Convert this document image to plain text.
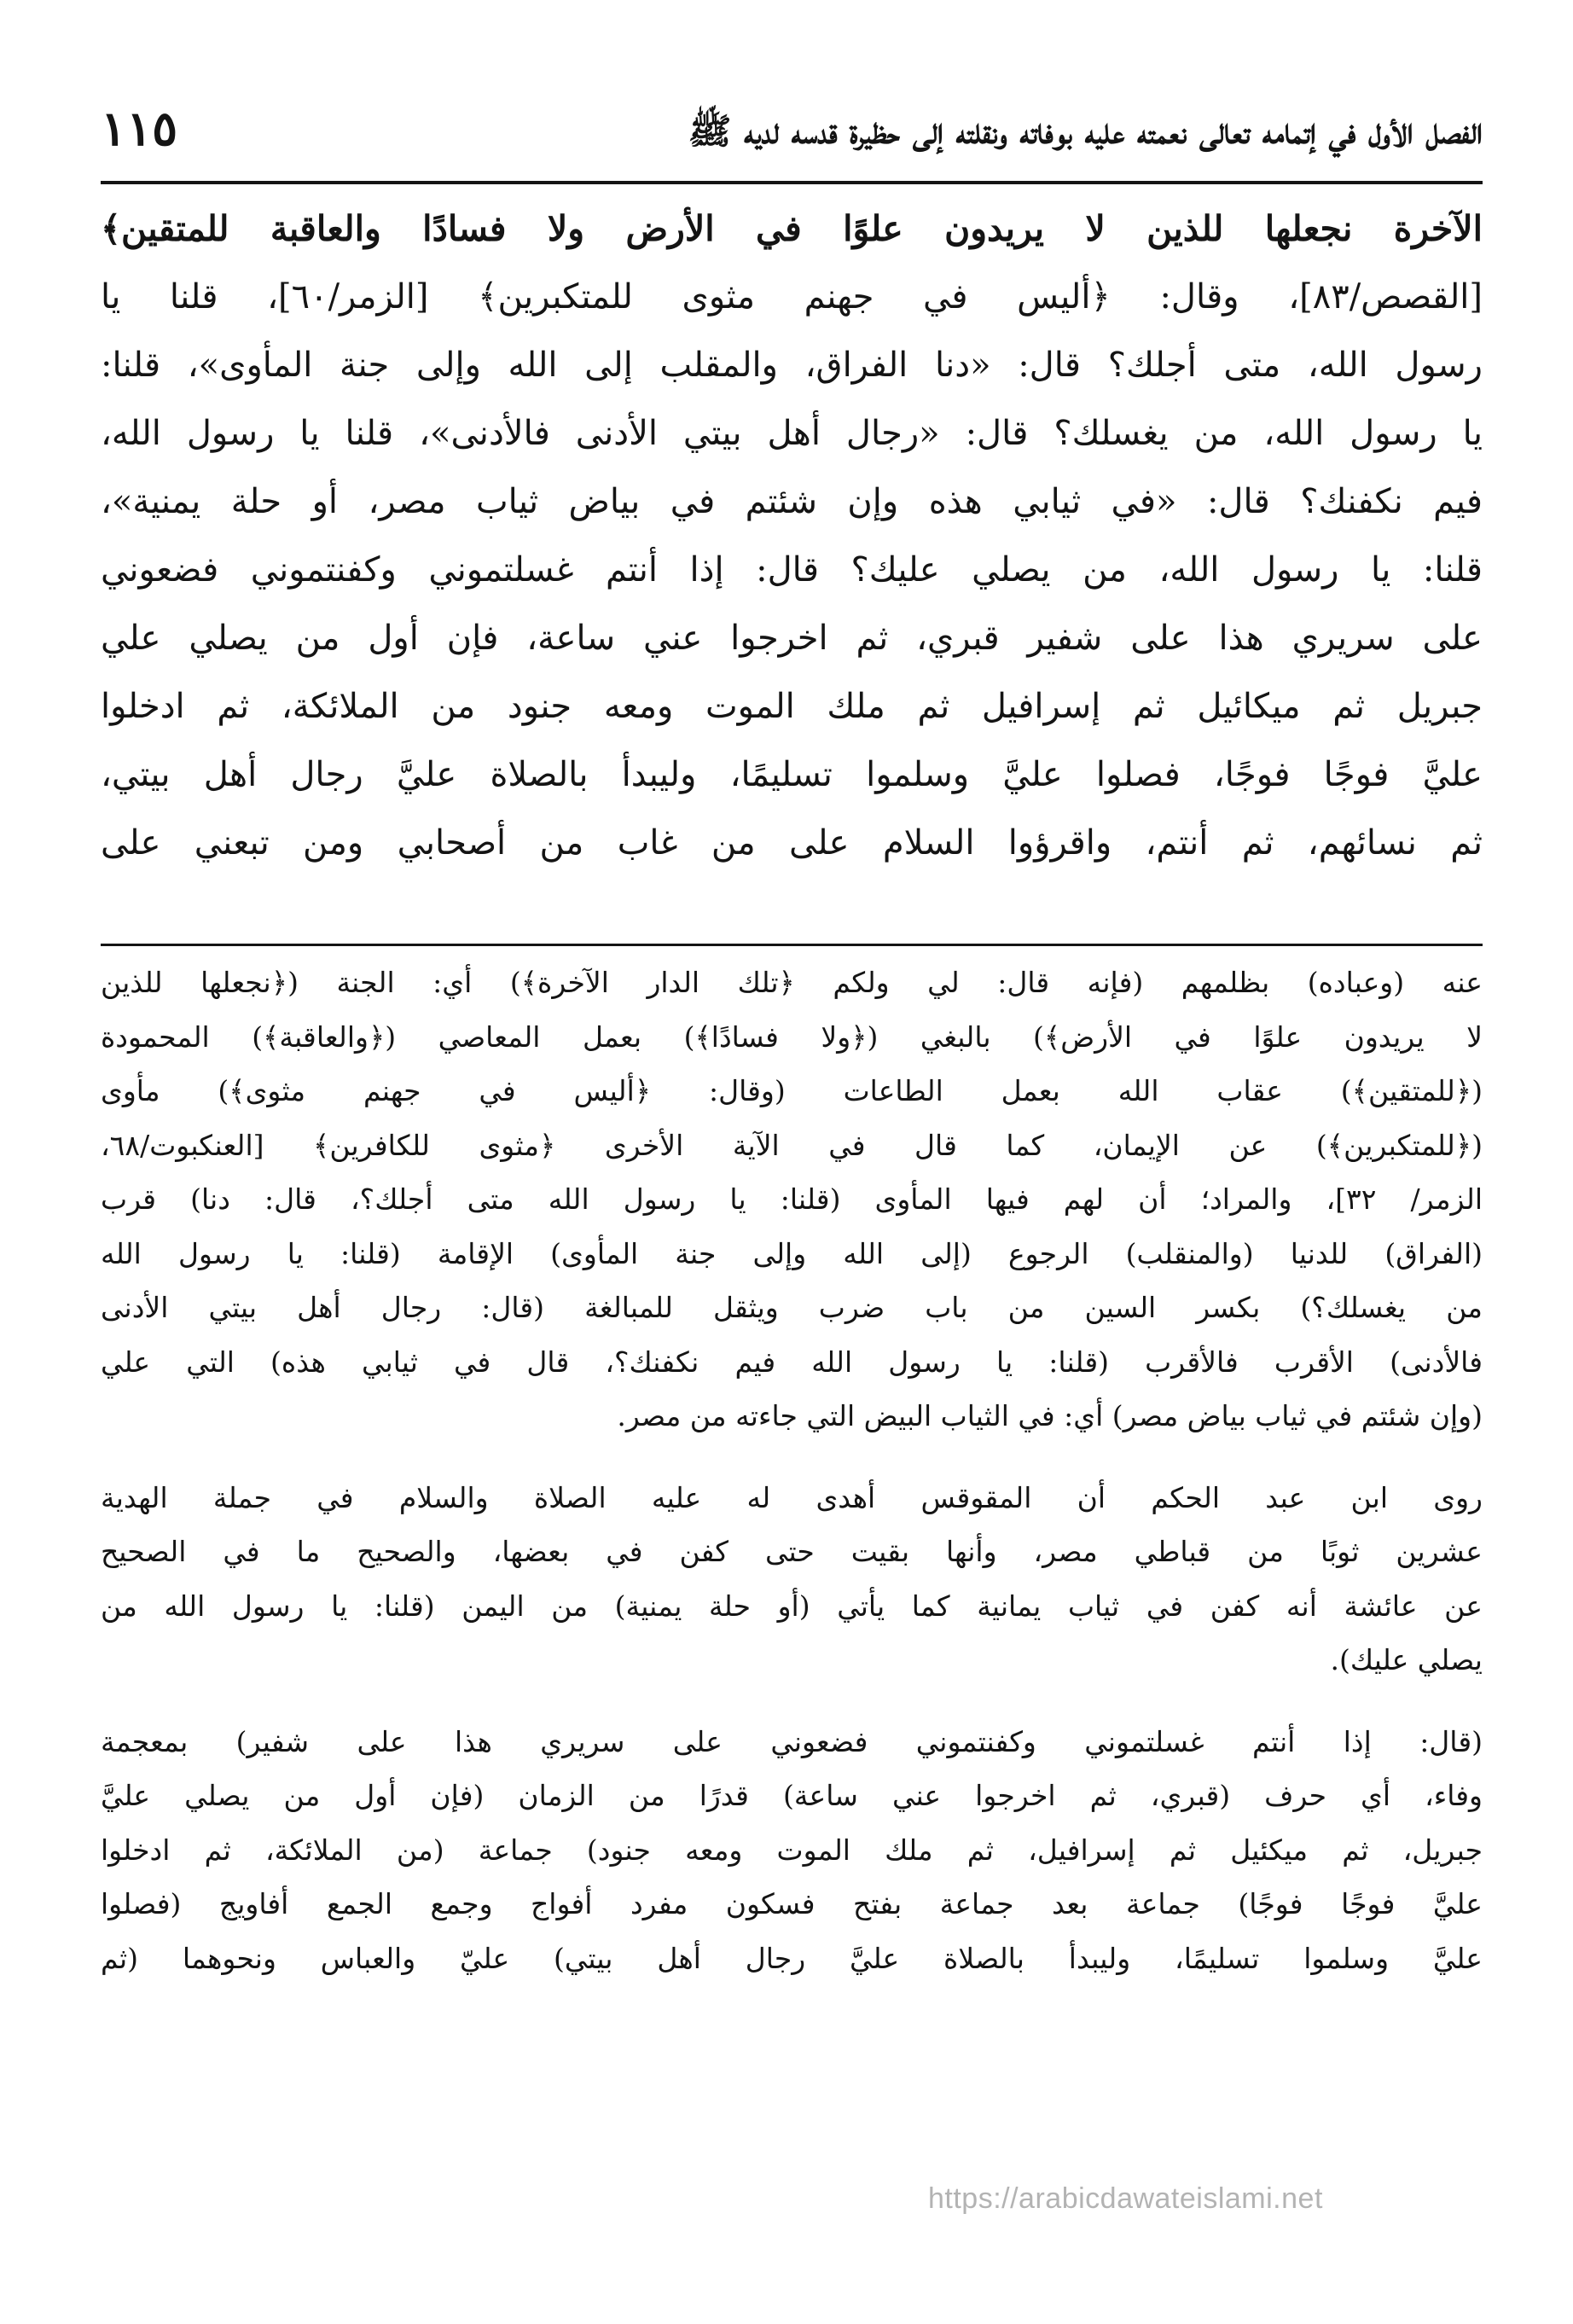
الفصل الأول في إتمامه تعالى نعمته عليه بوفاته ونقلته إلى حظيرة قدسه لديه ﷺ
١١٥
الآخرة نجعلها للذين لا يريدون علوًا في الأرض ولا فسادًا والعاقبة للمتقين﴾
[القصص/٨٣]، وقال: ﴿أليس في جهنم مثوى للمتكبرين﴾ [الزمر/٦٠]، قلنا يا
رسول الله، متى أجلك؟ قال: «دنا الفراق، والمقلب إلى الله وإلى جنة المأوى»، قلنا:
يا رسول الله، من يغسلك؟ قال: «رجال أهل بيتي الأدنى فالأدنى»، قلنا يا رسول الله،
فيم نكفنك؟ قال: «في ثيابي هذه وإن شئتم في بياض ثياب مصر، أو حلة يمنية»،
قلنا: يا رسول الله، من يصلي عليك؟ قال: إذا أنتم غسلتموني وكفنتموني فضعوني
على سريري هذا على شفير قبري، ثم اخرجوا عني ساعة، فإن أول من يصلي علي
جبريل ثم ميكائيل ثم إسرافيل ثم ملك الموت ومعه جنود من الملائكة، ثم ادخلوا
عليَّ فوجًا فوجًا، فصلوا عليَّ وسلموا تسليمًا، وليبدأ بالصلاة عليَّ رجال أهل بيتي،
ثم نسائهم، ثم أنتم، واقرؤوا السلام على من غاب من أصحابي ومن تبعني على
عنه (وعباده) بظلمهم (فإنه قال: لي ولكم ﴿تلك الدار الآخرة﴾) أي: الجنة (﴿نجعلها للذين
لا يريدون علوًا في الأرض﴾) بالبغي (﴿ولا فسادًا﴾) بعمل المعاصي (﴿والعاقبة﴾) المحمودة
(﴿للمتقين﴾) عقاب الله بعمل الطاعات (وقال: ﴿أليس في جهنم مثوى﴾) مأوى
(﴿للمتكبرين﴾) عن الإيمان، كما قال في الآية الأخرى ﴿مثوى للكافرين﴾ [العنكبوت/٦٨،
الزمر/ ٣٢]، والمراد؛ أن لهم فيها المأوى (قلنا: يا رسول الله متى أجلك؟، قال: دنا) قرب
(الفراق) للدنيا (والمنقلب) الرجوع (إلى الله وإلى جنة المأوى) الإقامة (قلنا: يا رسول الله
من يغسلك؟) بكسر السين من باب ضرب ويثقل للمبالغة (قال: رجال أهل بيتي الأدنى
فالأدنى) الأقرب فالأقرب (قلنا: يا رسول الله فيم نكفنك؟، قال في ثيابي هذه) التي علي
(وإن شئتم في ثياب بياض مصر) أي: في الثياب البيض التي جاءته من مصر.
روى ابن عبد الحكم أن المقوقس أهدى له عليه الصلاة والسلام في جملة الهدية
عشرين ثوبًا من قباطي مصر، وأنها بقيت حتى كفن في بعضها، والصحيح ما في الصحيح
عن عائشة أنه كفن في ثياب يمانية كما يأتي (أو حلة يمنية) من اليمن (قلنا: يا رسول الله من
يصلي عليك).
(قال: إذا أنتم غسلتموني وكفنتموني فضعوني على سريري هذا على شفير) بمعجمة
وفاء، أي حرف (قبري، ثم اخرجوا عني ساعة) قدرًا من الزمان (فإن أول من يصلي عليَّ
جبريل، ثم ميكئيل ثم إسرافيل، ثم ملك الموت ومعه جنود) جماعة (من الملائكة، ثم ادخلوا
عليَّ فوجًا فوجًا) جماعة بعد جماعة بفتح فسكون مفرد أفواج وجمع الجمع أفاويج (فصلوا
عليَّ وسلموا تسليمًا، وليبدأ بالصلاة عليَّ رجال أهل بيتي) عليّ والعباس ونحوهما (ثم
https://arabicdawateislami.net
